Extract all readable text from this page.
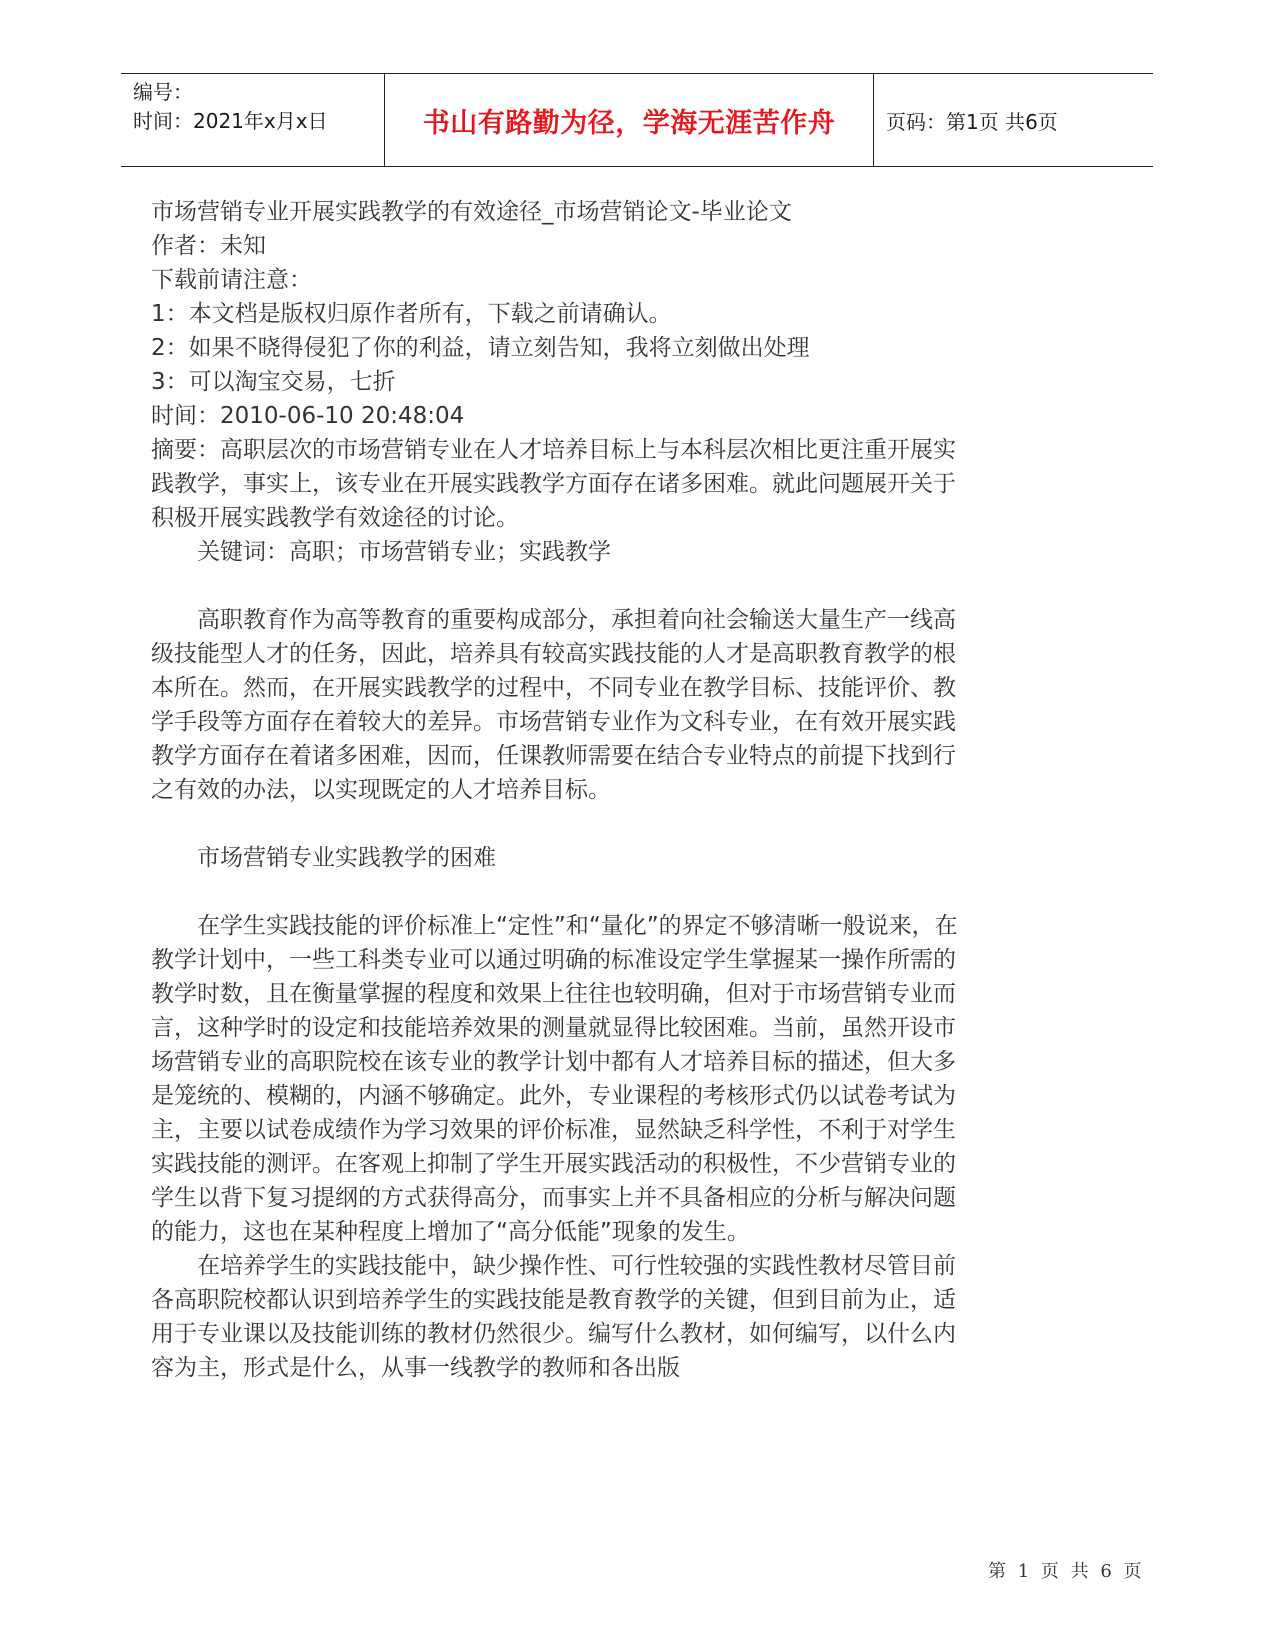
编号：
时间：2021年x月x日	书山有路勤为径，学海无涯苦作舟	页码：第1页 共6页

市场营销专业开展实践教学的有效途径_市场营销论文-毕业论文

作者：未知

下载前请注意：

1：本文档是版权归原作者所有，下载之前请确认。

2：如果不晓得侵犯了你的利益，请立刻告知，我将立刻做出处理

3：可以淘宝交易，七折

时间：2010-06-10 20:48:04

摘要：高职层次的市场营销专业在人才培养目标上与本科层次相比更注重开展实践教学，事实上，该专业在开展实践教学方面存在诸多困难。就此问题展开关于积极开展实践教学有效途径的讨论。

关键词：高职；市场营销专业；实践教学

高职教育作为高等教育的重要构成部分，承担着向社会输送大量生产一线高级技能型人才的任务，因此，培养具有较高实践技能的人才是高职教育教学的根本所在。然而，在开展实践教学的过程中，不同专业在教学目标、技能评价、教学手段等方面存在着较大的差异。市场营销专业作为文科专业，在有效开展实践教学方面存在着诸多困难，因而，任课教师需要在结合专业特点的前提下找到行之有效的办法，以实现既定的人才培养目标。

市场营销专业实践教学的困难

在学生实践技能的评价标准上“定性”和“量化”的界定不够清晰一般说来，在教学计划中，一些工科类专业可以通过明确的标准设定学生掌握某一操作所需的教学时数，且在衡量掌握的程度和效果上往往也较明确，但对于市场营销专业而言，这种学时的设定和技能培养效果的测量就显得比较困难。当前，虽然开设市场营销专业的高职院校在该专业的教学计划中都有人才培养目标的描述，但大多是笼统的、模糊的，内涵不够确定。此外，专业课程的考核形式仍以试卷考试为主，主要以试卷成绩作为学习效果的评价标准，显然缺乏科学性，不利于对学生实践技能的测评。在客观上抑制了学生开展实践活动的积极性，不少营销专业的学生以背下复习提纲的方式获得高分，而事实上并不具备相应的分析与解决问题的能力，这也在某种程度上增加了“高分低能”现象的发生。

在培养学生的实践技能中，缺少操作性、可行性较强的实践性教材尽管目前各高职院校都认识到培养学生的实践技能是教育教学的关键，但到目前为止，适用于专业课以及技能训练的教材仍然很少。编写什么教材，如何编写，以什么内容为主，形式是什么，从事一线教学的教师和各出版

第 1 页 共 6 页
